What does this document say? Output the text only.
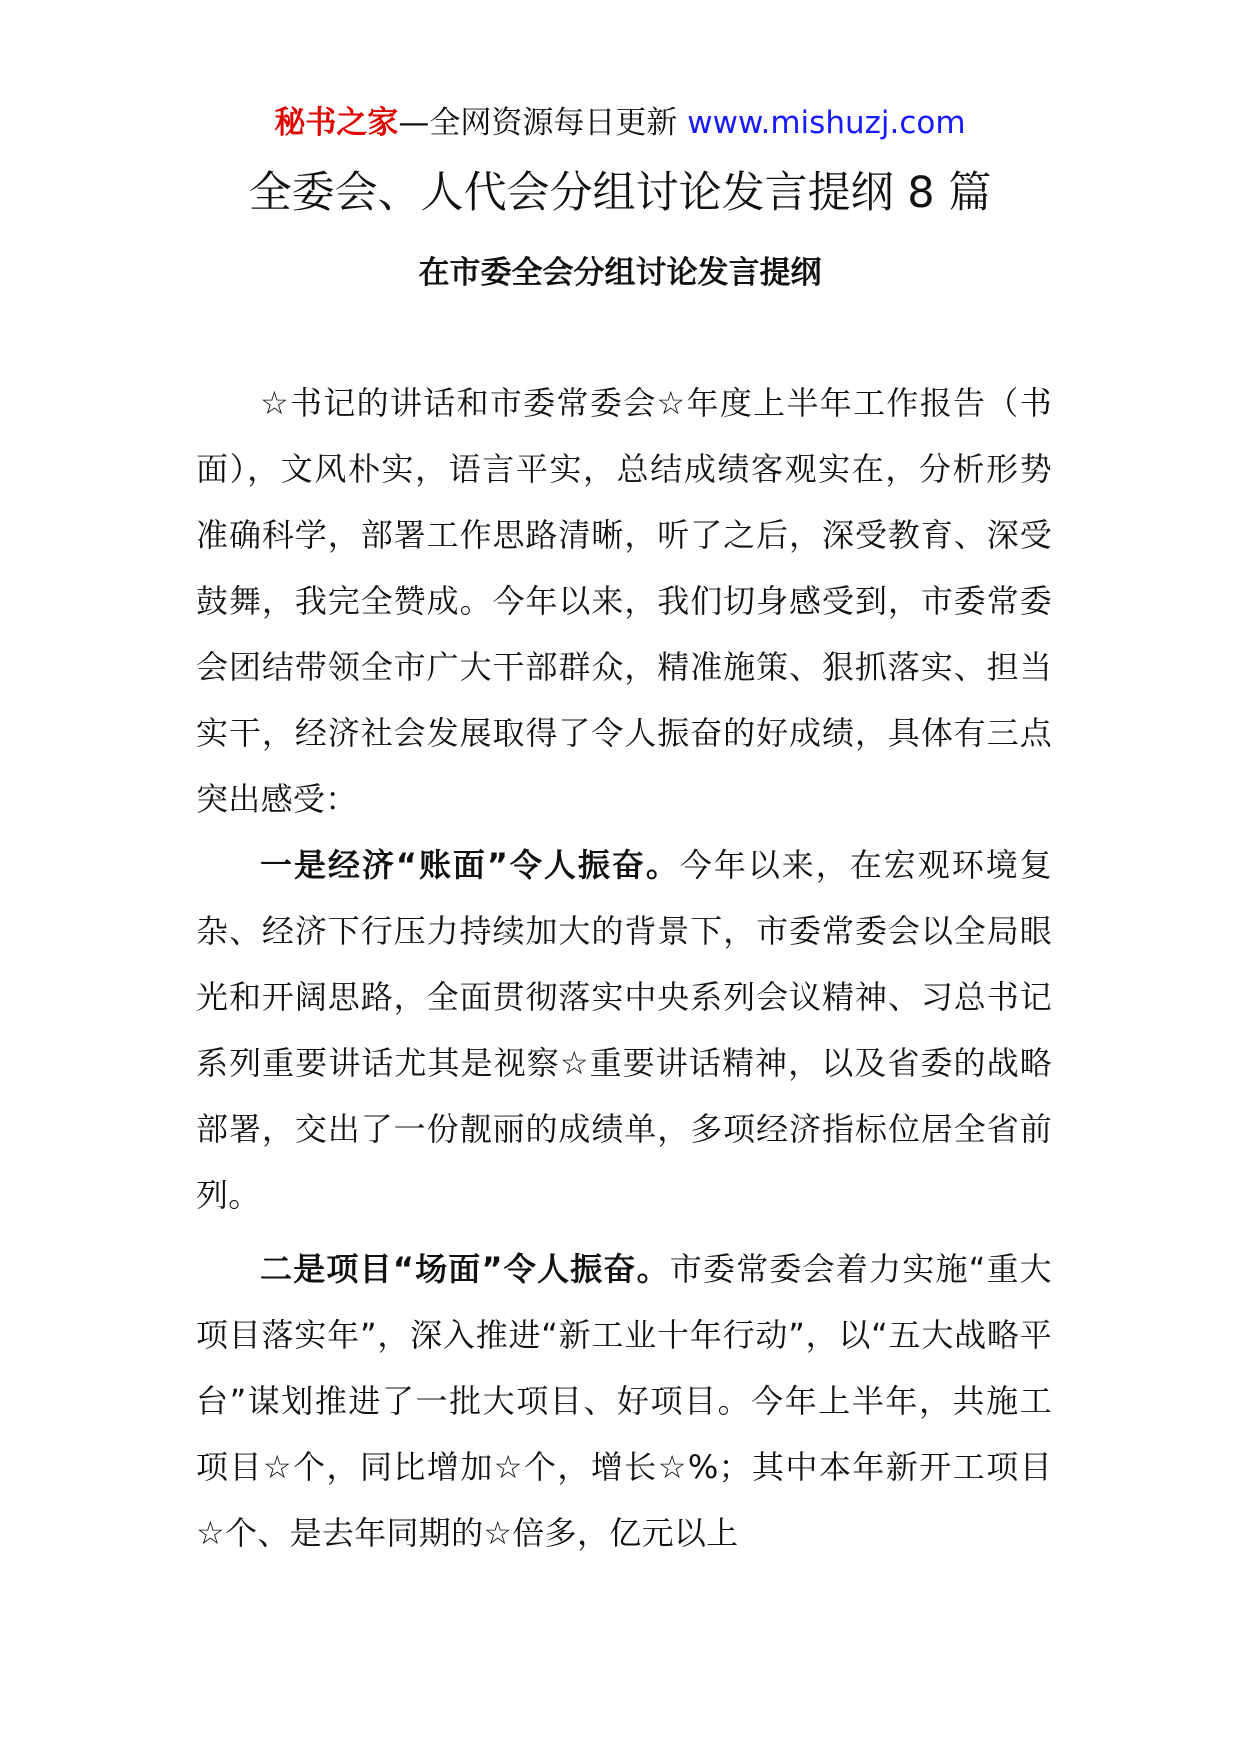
秘书之家—全网资源每日更新 www.mishuzj.com
全委会、人代会分组讨论发言提纲 8 篇
在市委全会分组讨论发言提纲

☆书记的讲话和市委常委会☆年度上半年工作报告（书面），文风朴实，语言平实，总结成绩客观实在，分析形势准确科学，部署工作思路清晰，听了之后，深受教育、深受鼓舞，我完全赞成。今年以来，我们切身感受到，市委常委会团结带领全市广大干部群众，精准施策、狠抓落实、担当实干，经济社会发展取得了令人振奋的好成绩，具体有三点突出感受：

一是经济“账面”令人振奋。今年以来，在宏观环境复杂、经济下行压力持续加大的背景下，市委常委会以全局眼光和开阔思路，全面贯彻落实中央系列会议精神、习总书记系列重要讲话尤其是视察☆重要讲话精神，以及省委的战略部署，交出了一份靓丽的成绩单，多项经济指标位居全省前列。

二是项目“场面”令人振奋。市委常委会着力实施“重大项目落实年”，深入推进“新工业十年行动”，以“五大战略平台”谋划推进了一批大项目、好项目。今年上半年，共施工项目☆个，同比增加☆个，增长☆%；其中本年新开工项目☆个、是去年同期的☆倍多，亿元以上
